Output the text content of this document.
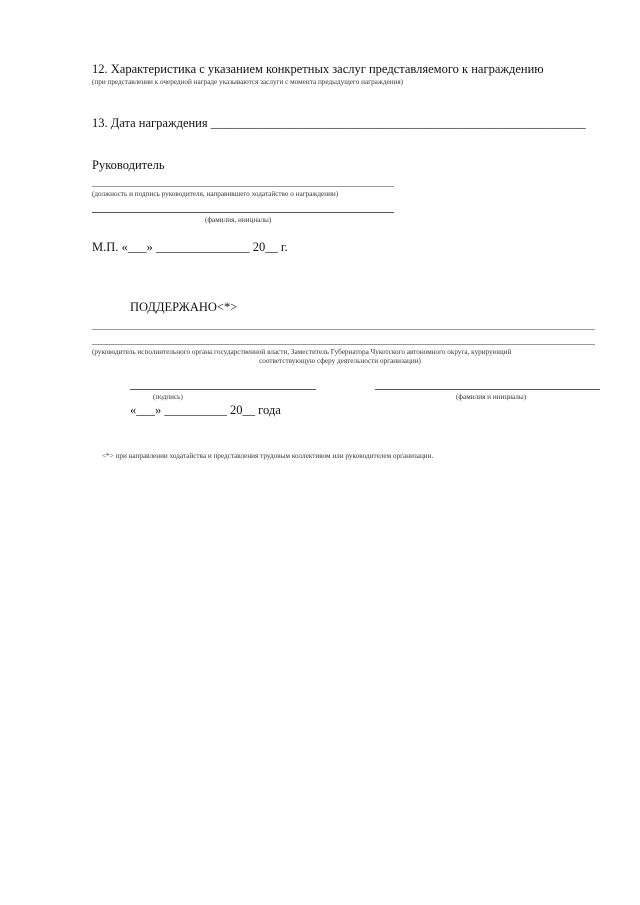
12. Характеристика с указанием конкретных заслуг представляемого к награждению
(при представлении к очередной награде указываются заслуги с момента предыдущего награждения)
13. Дата награждения ____________________________________________________________
Руководитель
(должность и подпись руководителя, направившего ходатайство о награждении)
(фамилия, инициалы)
М.П. «___» _______________ 20__ г.
ПОДДЕРЖАНО<*>
(руководитель исполнительного органа государственной власти, Заместитель Губернатора Чукотского автономного округа, курирующий
соответствующую сферу деятельности организации)
(подпись)	(фамилия и инициалы)
«___» __________ 20__ года
<*> при направлении ходатайства и представления трудовым коллективом или руководителем организации.
